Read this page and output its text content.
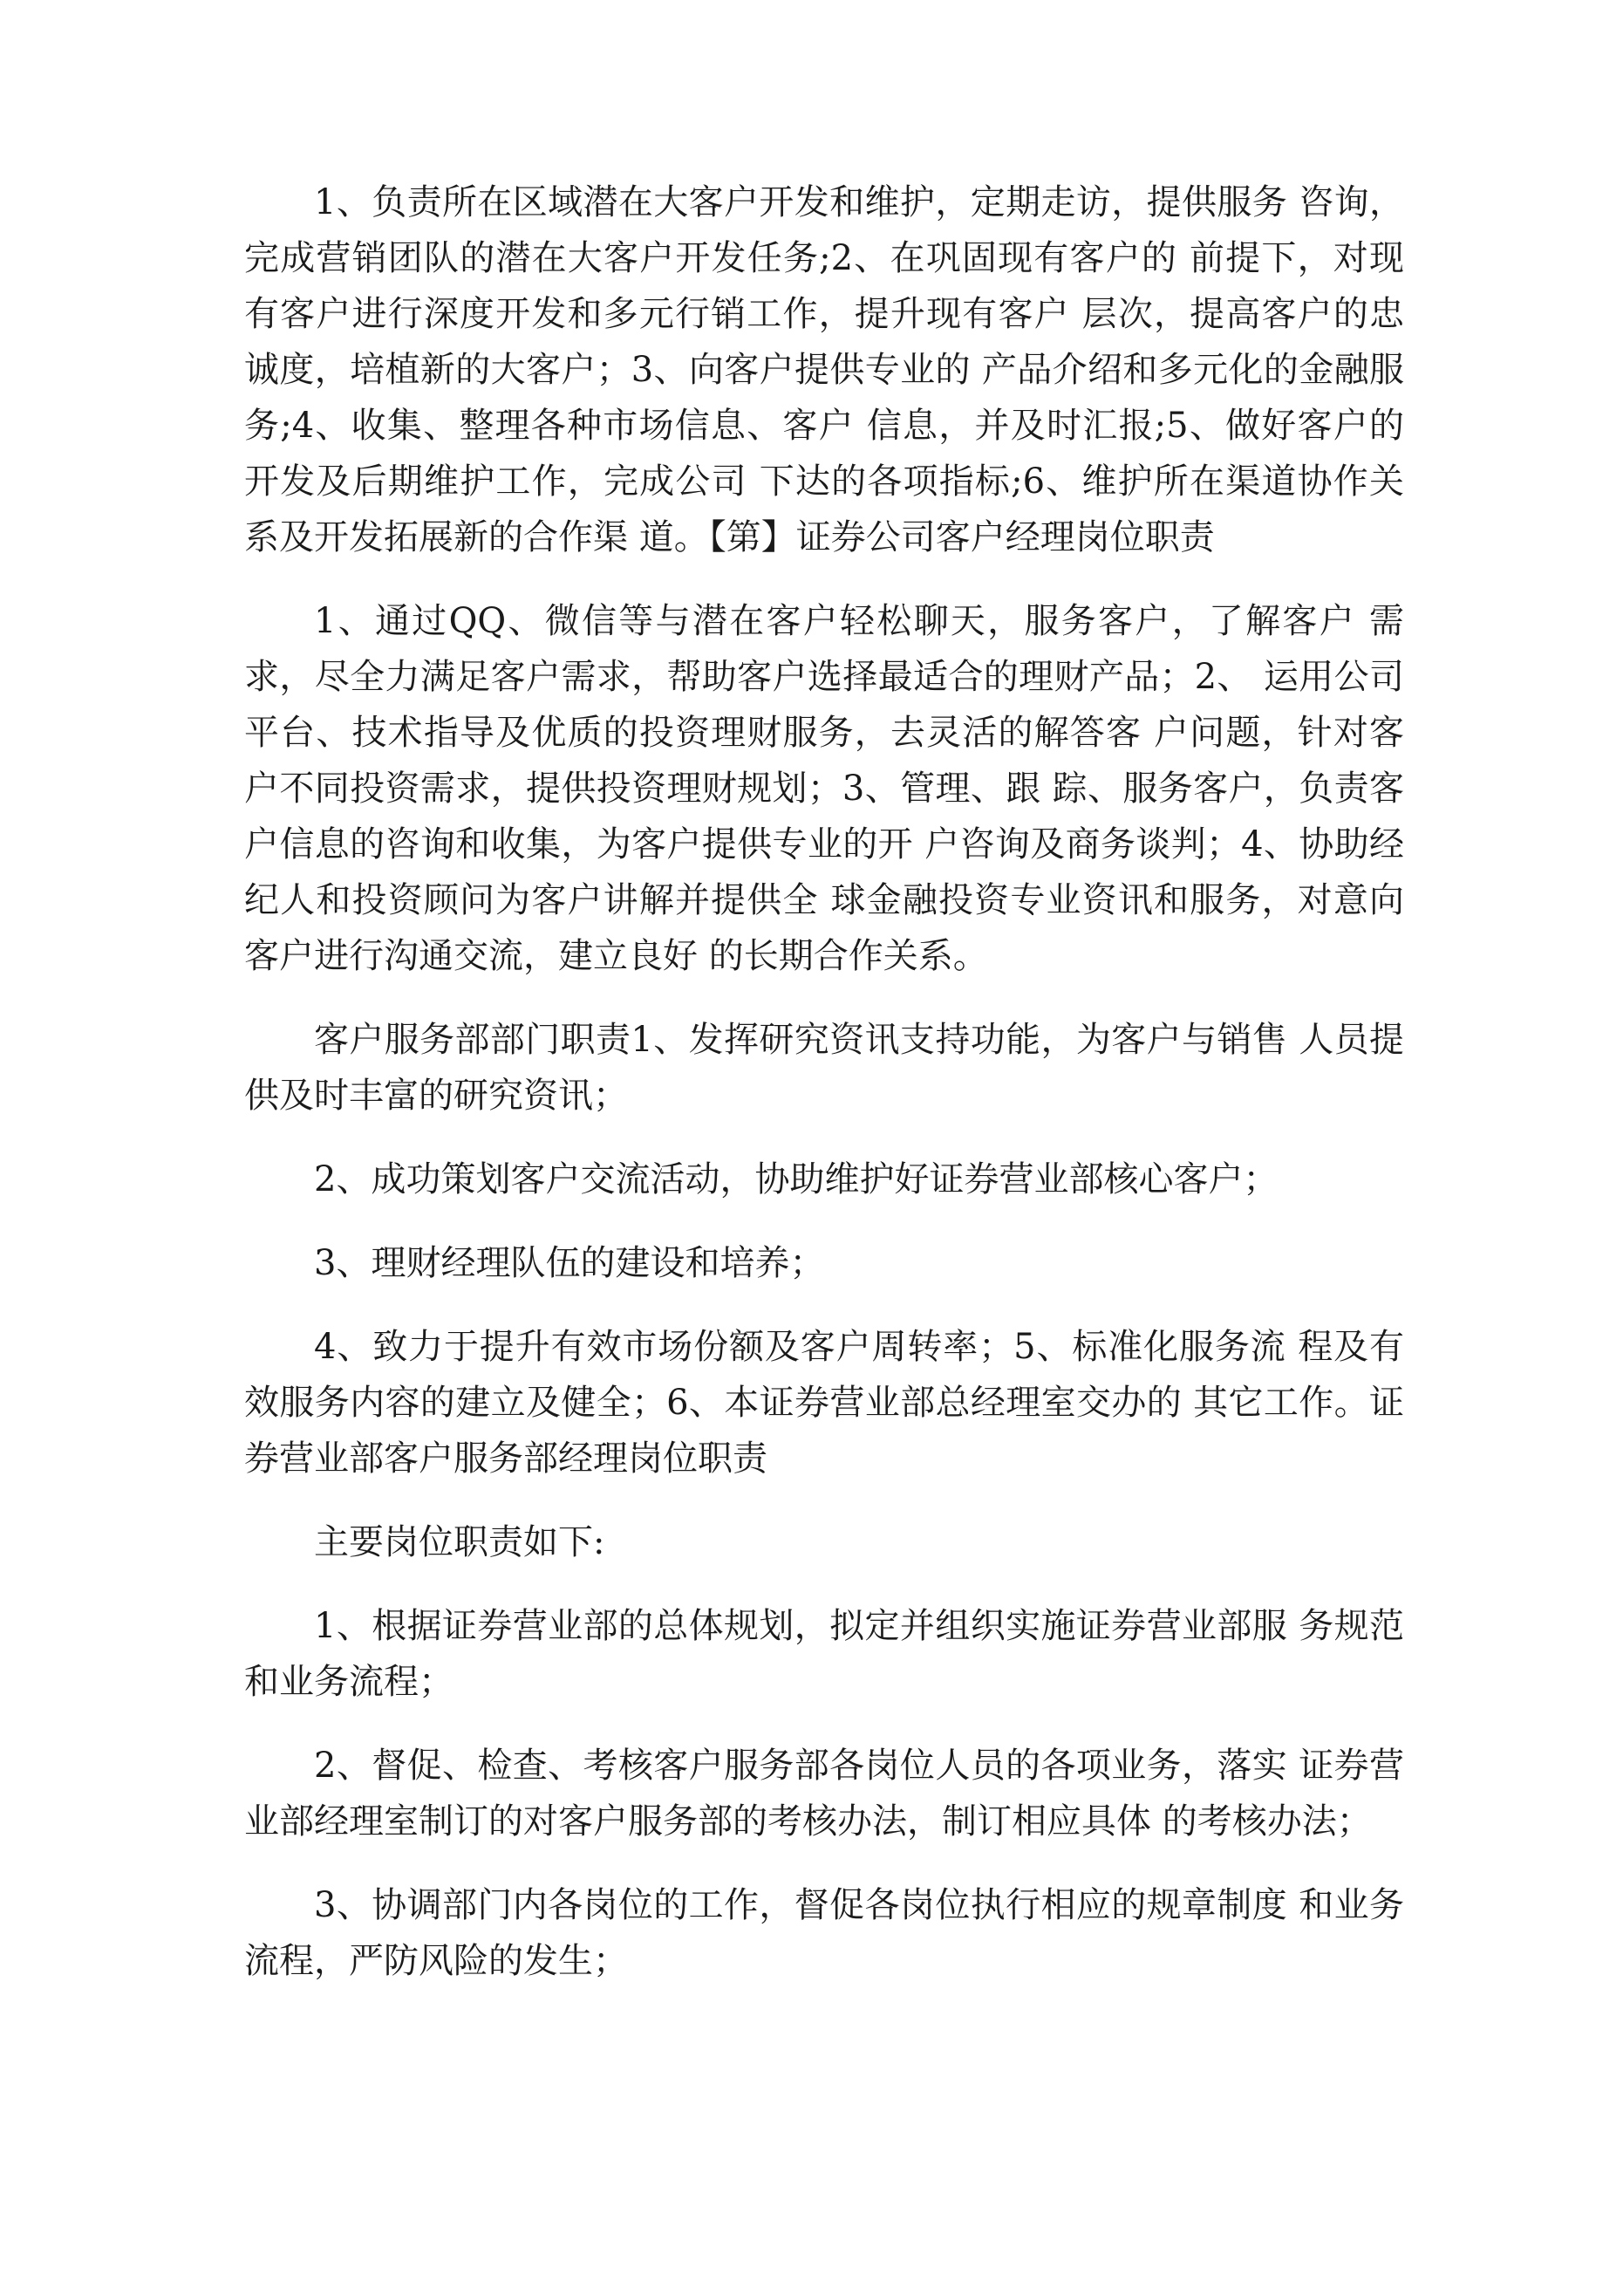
1、负责所在区域潜在大客户开发和维护，定期走访，提供服务 咨询，完成营销团队的潜在大客户开发任务;2、在巩固现有客户的 前提下，对现有客户进行深度开发和多元行销工作，提升现有客户 层次，提高客户的忠诚度，培植新的大客户；3、向客户提供专业的 产品介绍和多元化的金融服务;4、收集、整理各种市场信息、客户 信息，并及时汇报;5、做好客户的开发及后期维护工作，完成公司 下达的各项指标;6、维护所在渠道协作关系及开发拓展新的合作渠 道。【第】证券公司客户经理岗位职责

1、通过QQ、微信等与潜在客户轻松聊天，服务客户，了解客户 需求，尽全力满足客户需求，帮助客户选择最适合的理财产品；2、 运用公司平台、技术指导及优质的投资理财服务，去灵活的解答客 户问题，针对客户不同投资需求，提供投资理财规划；3、管理、跟 踪、服务客户，负责客户信息的咨询和收集，为客户提供专业的开 户咨询及商务谈判；4、协助经纪人和投资顾问为客户讲解并提供全 球金融投资专业资讯和服务，对意向客户进行沟通交流，建立良好 的长期合作关系。

客户服务部部门职责1、发挥研究资讯支持功能，为客户与销售 人员提供及时丰富的研究资讯；

2、成功策划客户交流活动，协助维护好证券营业部核心客户；

3、理财经理队伍的建设和培养；

4、致力于提升有效市场份额及客户周转率；5、标准化服务流 程及有效服务内容的建立及健全；6、本证券营业部总经理室交办的 其它工作。证券营业部客户服务部经理岗位职责

主要岗位职责如下:

1、根据证券营业部的总体规划，拟定并组织实施证券营业部服 务规范和业务流程；

2、督促、检查、考核客户服务部各岗位人员的各项业务，落实 证券营业部经理室制订的对客户服务部的考核办法，制订相应具体 的考核办法；

3、协调部门内各岗位的工作，督促各岗位执行相应的规章制度 和业务流程，严防风险的发生；
